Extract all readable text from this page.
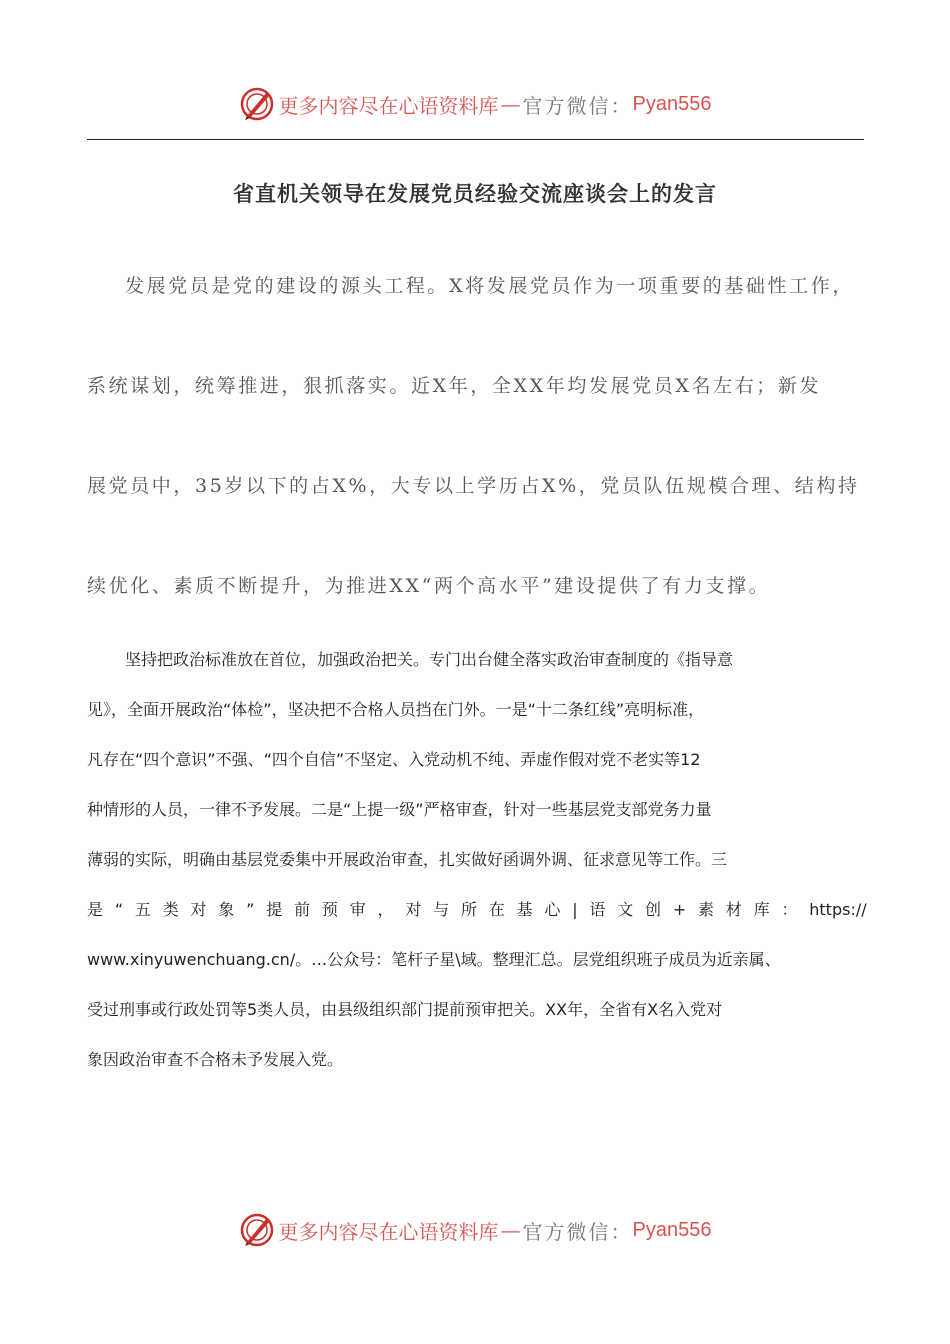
更多内容尽在心语资料库 — 官方微信： Pyan556
省直机关领导在发展党员经验交流座谈会上的发言
发展党员是党的建设的源头工程。X将发展党员作为一项重要的基础性工作，
系统谋划，统筹推进，狠抓落实。近X年，全XX年均发展党员X名左右；新发
展党员中，35岁以下的占X%，大专以上学历占X%，党员队伍规模合理、结构持
续优化、素质不断提升，为推进XX“两个高水平”建设提供了有力支撑。
坚持把政治标准放在首位，加强政治把关。专门出台健全落实政治审查制度的《指导意
见》，全面开展政治“体检”，坚决把不合格人员挡在门外。一是“十二条红线”亮明标准，
凡存在“四个意识”不强、“四个自信”不坚定、入党动机不纯、弄虚作假对党不老实等12
种情形的人员，一律不予发展。二是“上提一级”严格审查，针对一些基层党支部党务力量
薄弱的实际，明确由基层党委集中开展政治审查，扎实做好函调外调、征求意见等工作。三
是 “ 五 类 对 象 ” 提 前 预 审 ， 对 与 所 在 基 心 | 语 文 创 + 素 材 库 ： https://
www.xinyuwenchuang.cn/。…公众号：笔杆子星\域。整理汇总。层党组织班子成员为近亲属、
受过刑事或行政处罚等5类人员，由县级组织部门提前预审把关。XX年，全省有X名入党对
象因政治审查不合格未予发展入党。
更多内容尽在心语资料库 — 官方微信： Pyan556
